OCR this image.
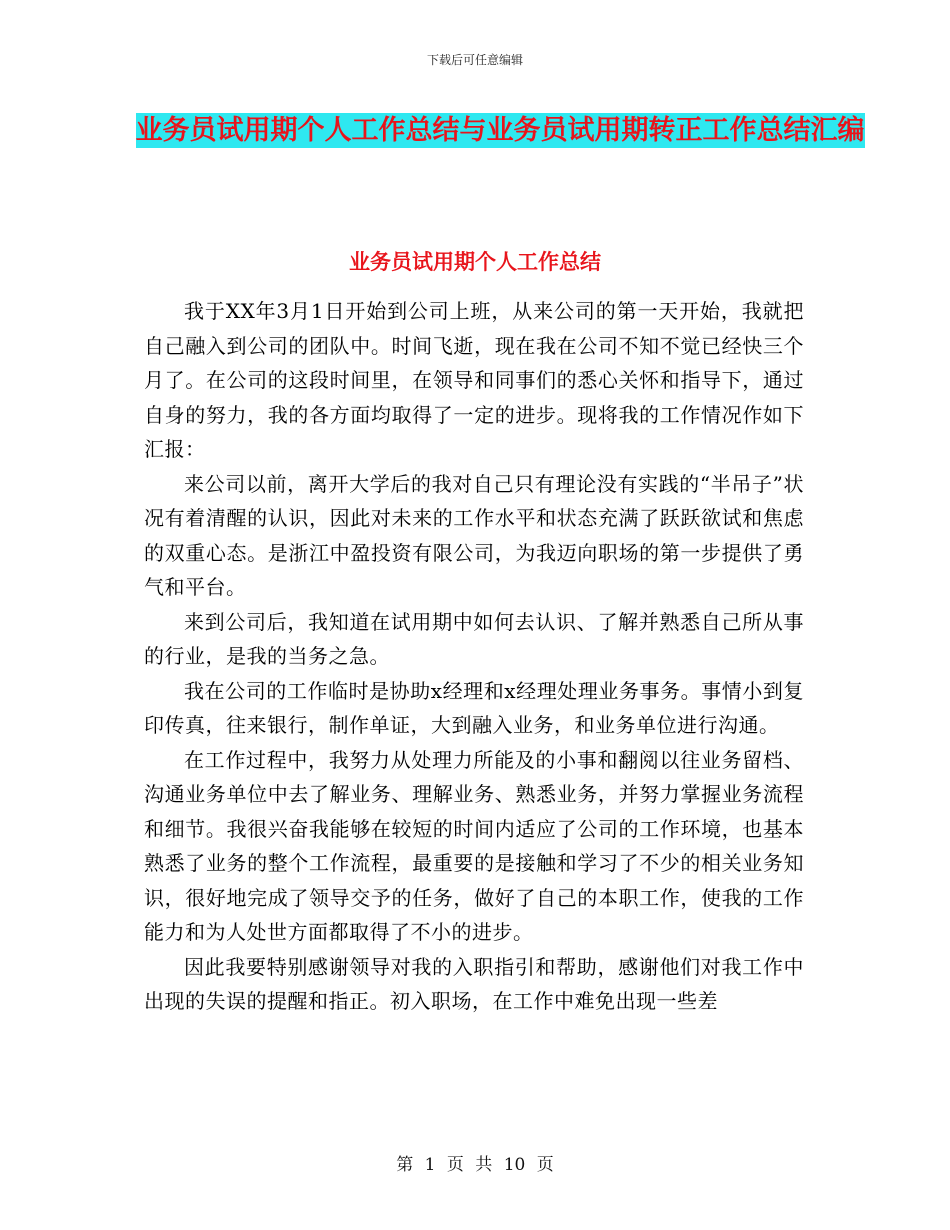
下载后可任意编辑
业务员试用期个人工作总结与业务员试用期转正工作总结汇编
业务员试用期个人工作总结

我于XX年3月1日开始到公司上班，从来公司的第一天开始，我就把自己融入到公司的团队中。时间飞逝，现在我在公司不知不觉已经快三个月了。在公司的这段时间里，在领导和同事们的悉心关怀和指导下，通过自身的努力，我的各方面均取得了一定的进步。现将我的工作情况作如下汇报：

来公司以前，离开大学后的我对自己只有理论没有实践的“半吊子”状况有着清醒的认识，因此对未来的工作水平和状态充满了跃跃欲试和焦虑的双重心态。是浙江中盈投资有限公司，为我迈向职场的第一步提供了勇气和平台。

来到公司后，我知道在试用期中如何去认识、了解并熟悉自己所从事的行业，是我的当务之急。

我在公司的工作临时是协助x经理和x经理处理业务事务。事情小到复印传真，往来银行，制作单证，大到融入业务，和业务单位进行沟通。

在工作过程中，我努力从处理力所能及的小事和翻阅以往业务留档、沟通业务单位中去了解业务、理解业务、熟悉业务，并努力掌握业务流程和细节。我很兴奋我能够在较短的时间内适应了公司的工作环境，也基本熟悉了业务的整个工作流程，最重要的是接触和学习了不少的相关业务知识，很好地完成了领导交予的任务，做好了自己的本职工作，使我的工作能力和为人处世方面都取得了不小的进步。

因此我要特别感谢领导对我的入职指引和帮助，感谢他们对我工作中出现的失误的提醒和指正。初入职场，在工作中难免出现一些差

第 1 页 共 10 页
